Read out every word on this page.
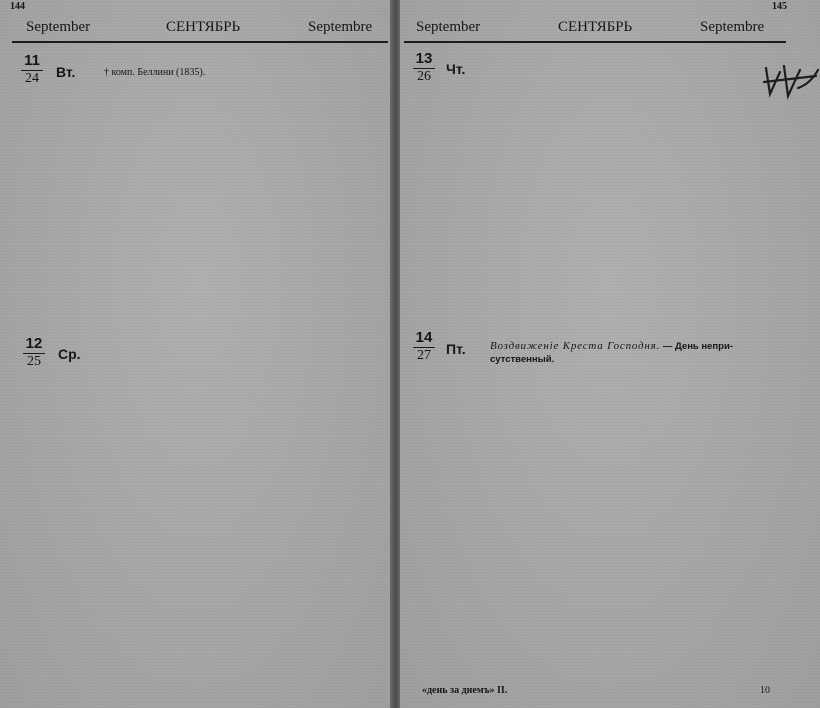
144
September	СЕНТЯБРЬ	Septembre
11
24	Вт.	† комп. Беллини (1835).
12
25	Ср.
145
September	СЕНТЯБРЬ	Septembre
13
26	Чт.
14
27	Пт. Воздвиженіе Креста Господня. — День непри-
сутственный.
«день за днемъ» II.	10
